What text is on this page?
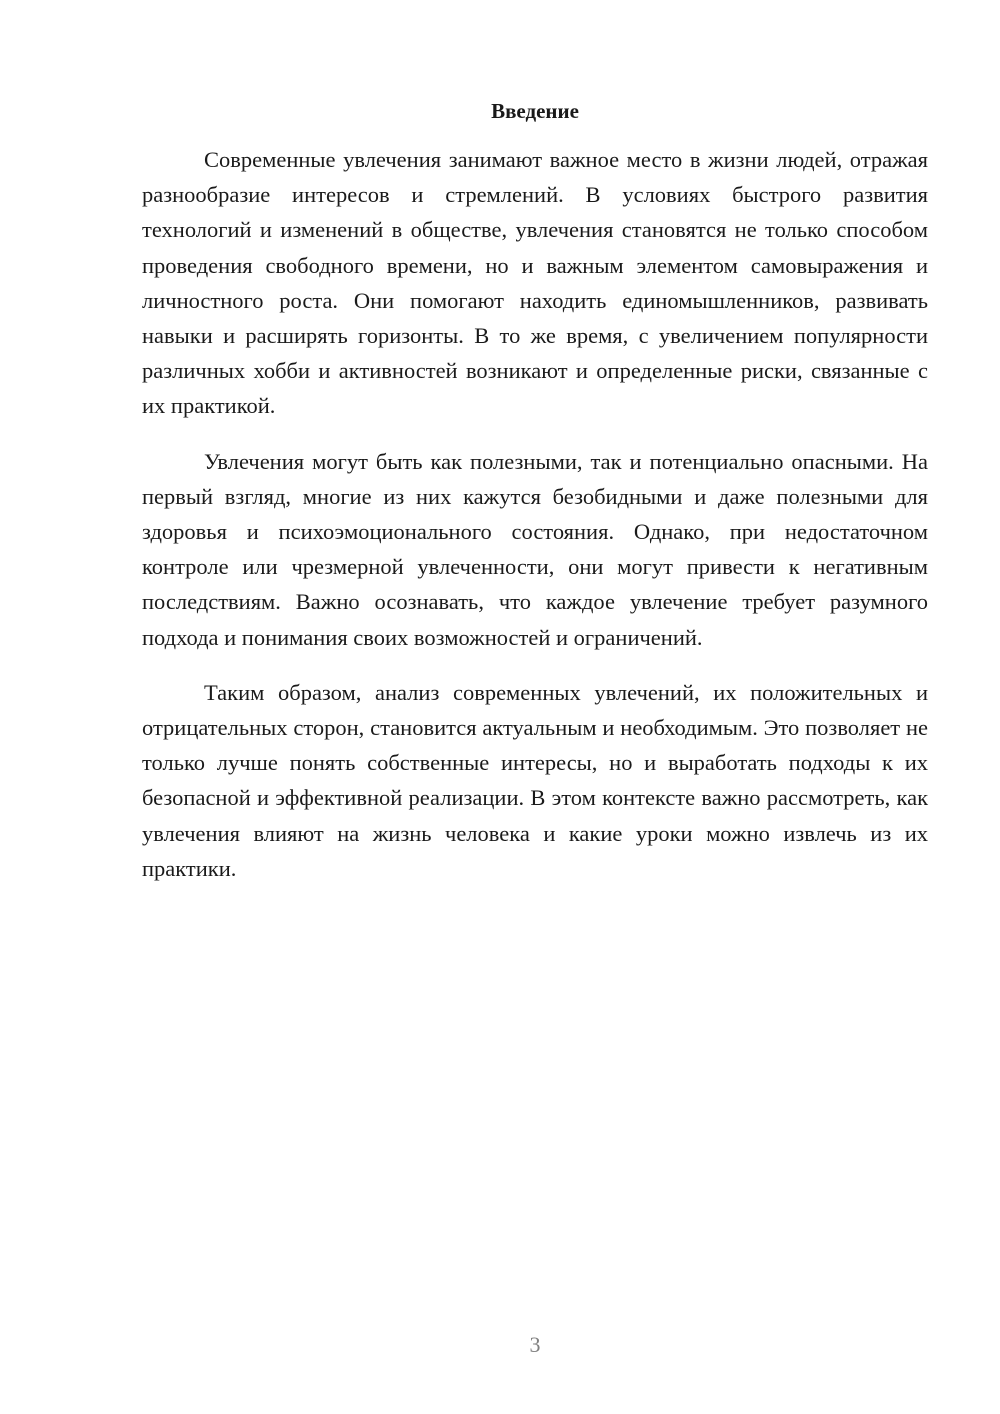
Введение

Современные увлечения занимают важное место в жизни людей, отражая разнообразие интересов и стремлений. В условиях быстрого развития технологий и изменений в обществе, увлечения становятся не только способом проведения свободного времени, но и важным элементом самовыражения и личностного роста. Они помогают находить единомышленников, развивать навыки и расширять горизонты. В то же время, с увеличением популярности различных хобби и активностей возникают и определенные риски, связанные с их практикой.

Увлечения могут быть как полезными, так и потенциально опасными. На первый взгляд, многие из них кажутся безобидными и даже полезными для здоровья и психоэмоционального состояния. Однако, при недостаточном контроле или чрезмерной увлеченности, они могут привести к негативным последствиям. Важно осознавать, что каждое увлечение требует разумного подхода и понимания своих возможностей и ограничений.

Таким образом, анализ современных увлечений, их положительных и отрицательных сторон, становится актуальным и необходимым. Это позволяет не только лучше понять собственные интересы, но и выработать подходы к их безопасной и эффективной реализации. В этом контексте важно рассмотреть, как увлечения влияют на жизнь человека и какие уроки можно извлечь из их практики.

3
